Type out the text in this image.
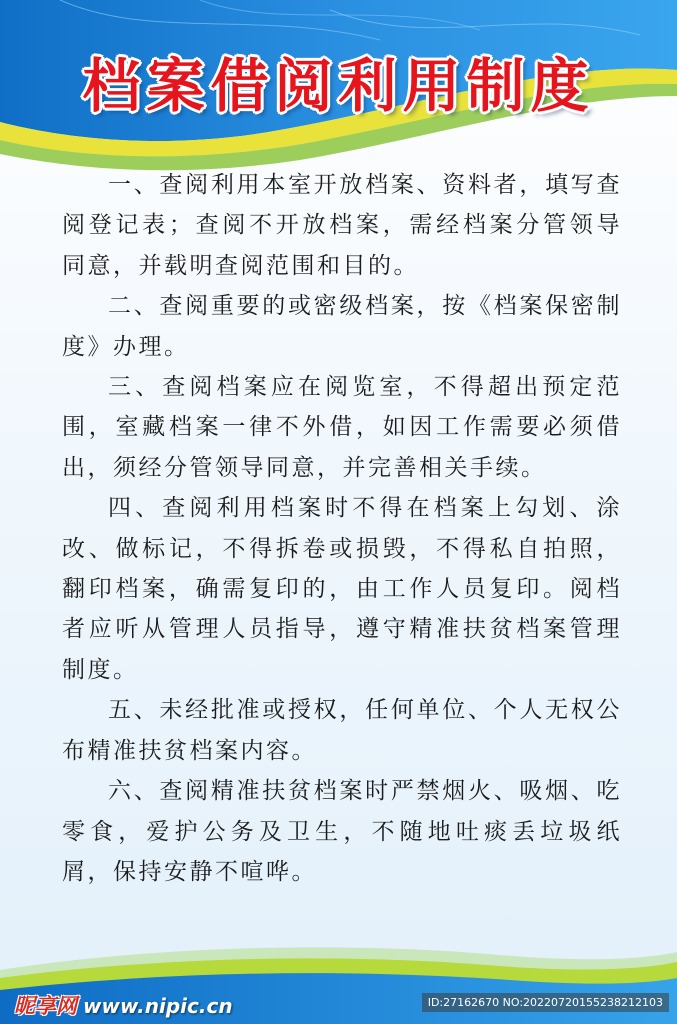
档案借阅利用制度

一、查阅利用本室开放档案、资料者，填写查阅登记表；查阅不开放档案，需经档案分管领导同意，并载明查阅范围和目的。

二、查阅重要的或密级档案，按《档案保密制度》办理。

三、查阅档案应在阅览室，不得超出预定范围，室藏档案一律不外借，如因工作需要必须借出，须经分管领导同意，并完善相关手续。

四、查阅利用档案时不得在档案上勾划、涂改、做标记，不得拆卷或损毁，不得私自拍照，翻印档案，确需复印的，由工作人员复印。阅档者应听从管理人员指导，遵守精准扶贫档案管理制度。

五、未经批准或授权，任何单位、个人无权公布精准扶贫档案内容。

六、查阅精准扶贫档案时严禁烟火、吸烟、吃零食，爱护公务及卫生，不随地吐痰丢垃圾纸屑，保持安静不喧哗。

昵享网 www.nipic.cn	ID:27162670 NO:20220720155238212103
